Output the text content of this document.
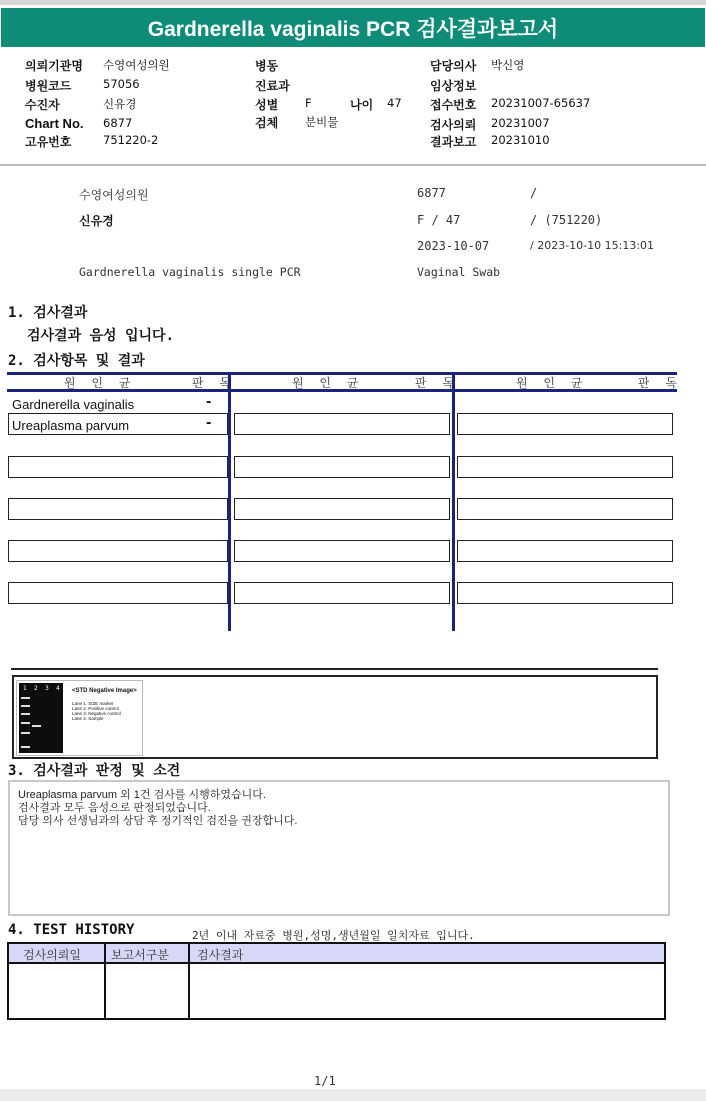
Gardnerella vaginalis PCR 검사결과보고서
의뢰기관명 수영여성의원
병원코드	57056
수진자	신유경
Chart No. 6877
고유번호	751220-2
병동
진료과
성별 F	나이 47
검체 분비물
담당의사 박신영
임상정보
접수번호 20231007-65637
검사의뢰 20231007
결과보고 20231010
수영여성의원	6877	/
신유경	F / 47	/ (751220)
2023-10-07	/ 2023-10-10 15:13:01
Gardnerella vaginalis single PCR	Vaginal Swab
1. 검사결과
검사결과 음성 입니다.
2. 검사항목 및 결과
원 인 균	판 독	원 인 균	판 독	원 인 균	판 독
Gardnerella vaginalis	-
Ureaplasma parvum	-
1 2 3 4 <STD Negative Image>
Lane 1. SIZE marker
Lane 2. Positive control
Lane 3. Negative control
Lane 4. Sample
3. 검사결과 판정 및 소견
Ureaplasma parvum 외 1건 검사를 시행하였습니다.
검사결과 모두 음성으로 판정되었습니다.
담당 의사 선생님과의 상담 후 정기적인 검진을 권장합니다.
4. TEST HISTORY	2년 이내 자료중 병원,성명,생년월일 일치자료 입니다.
검사의뢰일	보고서구분 검사결과
1/1
